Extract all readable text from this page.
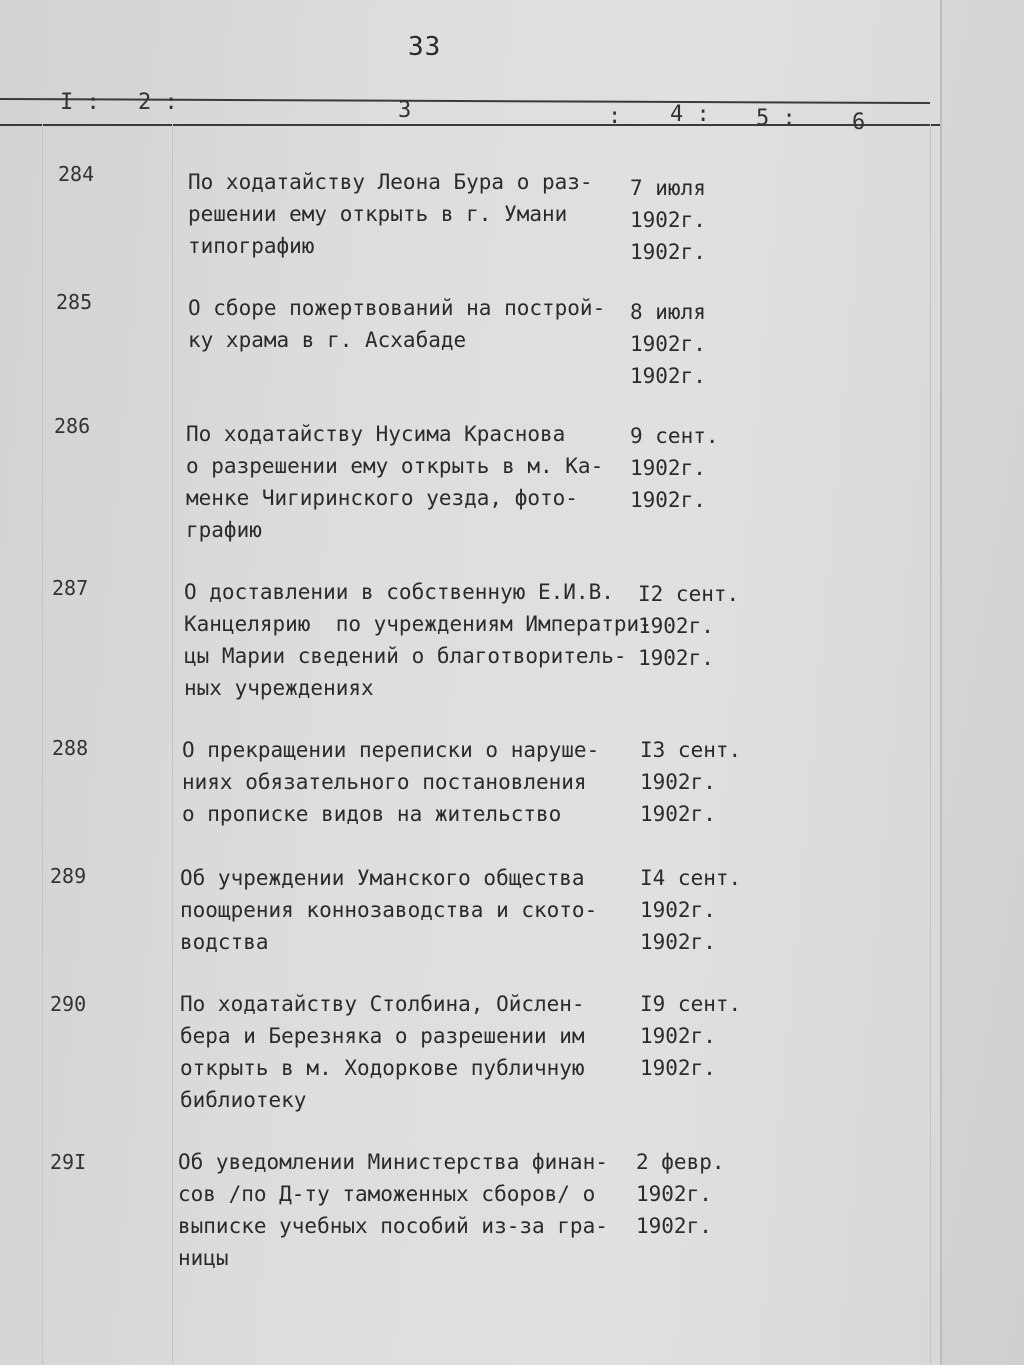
33
I : 2 :	3	: 4 : 5 :	6
284	По ходатайству Леона Бура о раз-
решении ему открыть в г. Умани
типографию
7 июля
1902г.
1902г.
285	О сборе пожертвований на построй-
ку храма в г. Асхабаде
8 июля
1902г.
1902г.
286	По ходатайству Нусима Краснова
о разрешении ему открыть в м. Ка-
менке Чигиринского уезда, фото-
графию
9 сент.
1902г.
1902г.
287	О доставлении в собственную Е.И.В.
Канцелярию  по учреждениям Императри-
цы Марии сведений о благотворитель-
ных учреждениях
I2 сент.
1902г.
1902г.
288	О прекращении переписки о наруше-
ниях обязательного постановления
о прописке видов на жительство
I3 сент.
1902г.
1902г.
289	Об учреждении Уманского общества
поощрения коннозаводства и ското-
водства
I4 сент.
1902г.
1902г.
290	По ходатайству Столбина, Ойслен-
бера и Березняка о разрешении им
открыть в м. Ходоркове публичную
библиотеку
I9 сент.
1902г.
1902г.
29I	Об уведомлении Министерства финан-
сов /по Д-ту таможенных сборов/ о
выписке учебных пособий из-за гра-
ницы
2 февр.
1902г.
1902г.
